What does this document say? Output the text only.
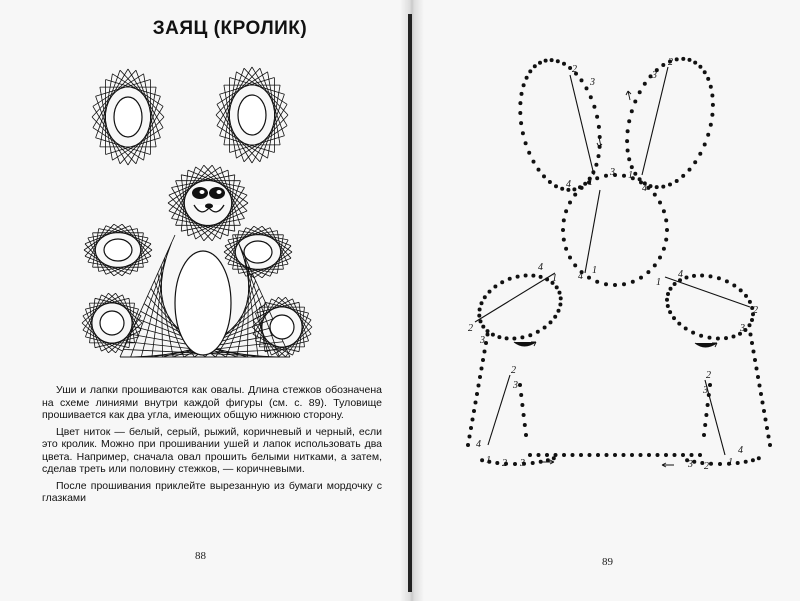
ЗАЯЦ (КРОЛИК)

Уши и лапки прошиваются как овалы. Длина стежков обозначена на схеме линиями внутри каждой фигуры (см. с. 89). Туловище прошивается как два угла, имеющих общую нижнюю сторону.

Цвет ниток — белый, серый, рыжий, коричневый и черный, если это кролик. Можно при прошивании ушей и лапок использовать два цвета. Например, сначала овал прошить белыми нитками, а затем, сделав треть или половину стежков, — коричневыми.

После прошивания приклейте вырезанную из бумаги мордочку с глазками

88
2
3
4 1
2
3
3 1
4
1
4
4
1
2
3
1
4
2
3
2
3
4
1 2 3
2
3
1
4
3 2
89
